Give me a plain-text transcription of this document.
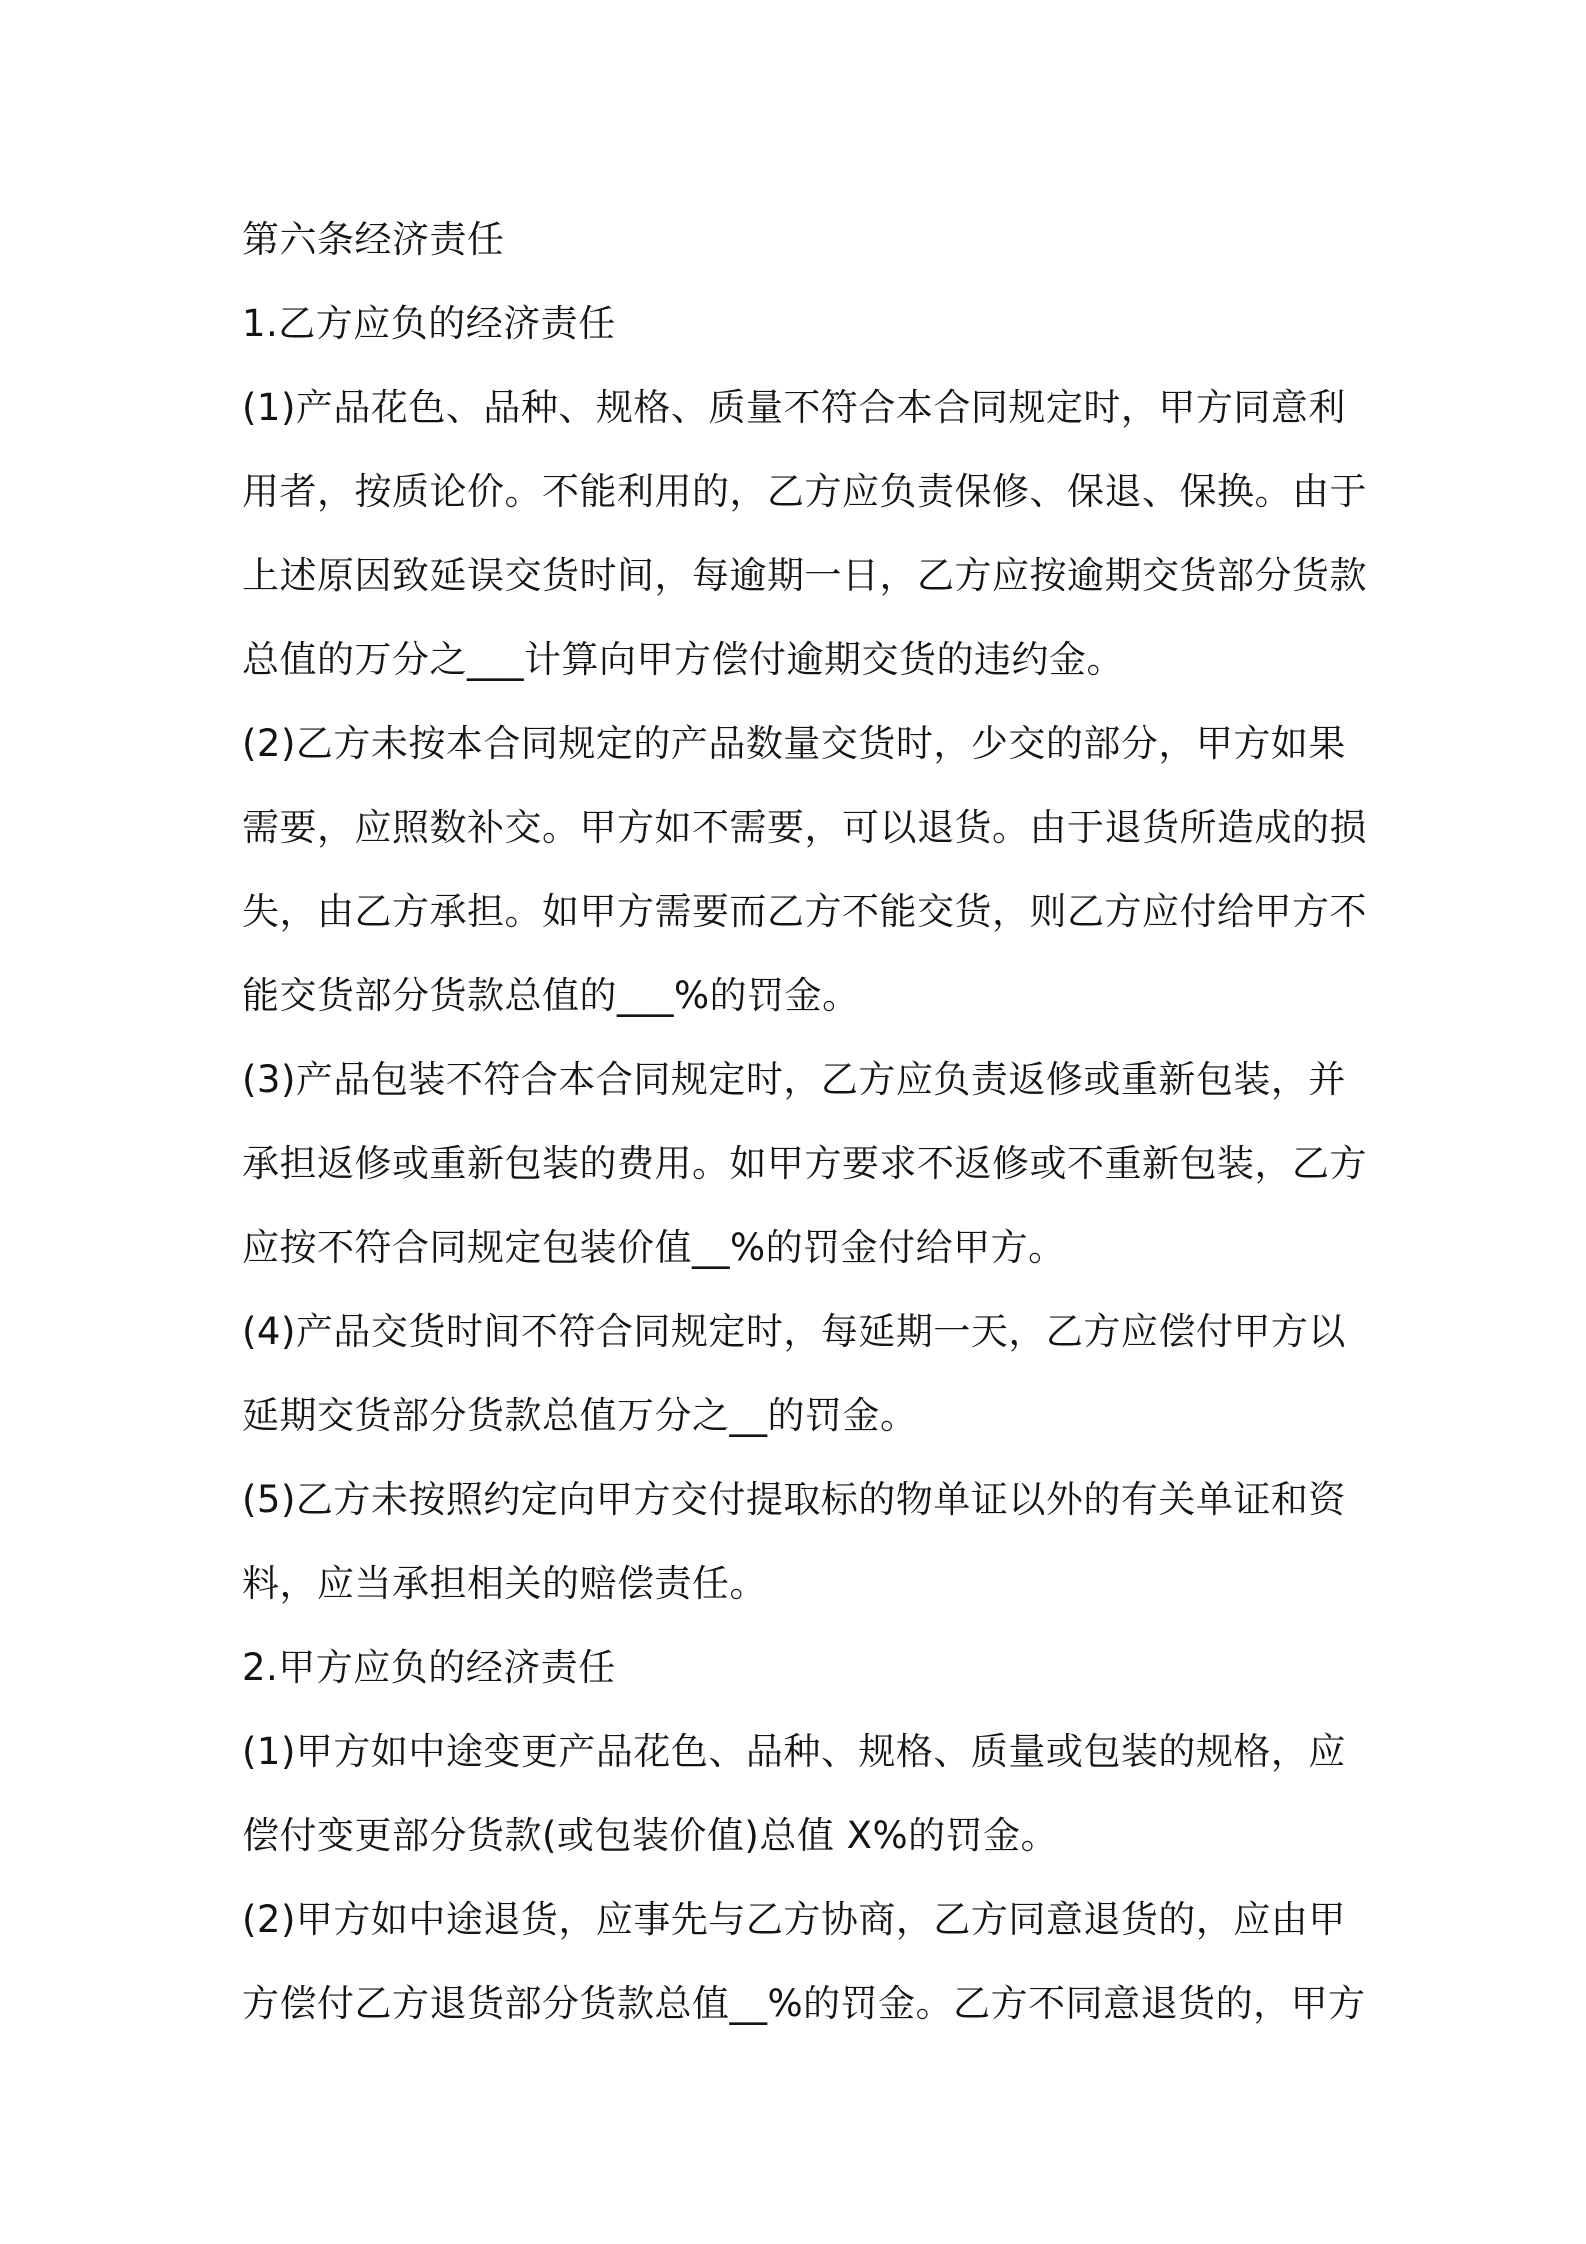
第六条经济责任

1.乙方应负的经济责任

(1)产品花色、品种、规格、质量不符合本合同规定时，甲方同意利

用者，按质论价。不能利用的，乙方应负责保修、保退、保换。由于

上述原因致延误交货时间，每逾期一日，乙方应按逾期交货部分货款

总值的万分之___计算向甲方偿付逾期交货的违约金。

(2)乙方未按本合同规定的产品数量交货时，少交的部分，甲方如果

需要，应照数补交。甲方如不需要，可以退货。由于退货所造成的损

失，由乙方承担。如甲方需要而乙方不能交货，则乙方应付给甲方不

能交货部分货款总值的___%的罚金。

(3)产品包装不符合本合同规定时，乙方应负责返修或重新包装，并

承担返修或重新包装的费用。如甲方要求不返修或不重新包装，乙方

应按不符合同规定包装价值__%的罚金付给甲方。

(4)产品交货时间不符合同规定时，每延期一天，乙方应偿付甲方以

延期交货部分货款总值万分之__的罚金。

(5)乙方未按照约定向甲方交付提取标的物单证以外的有关单证和资

料，应当承担相关的赔偿责任。

2.甲方应负的经济责任

(1)甲方如中途变更产品花色、品种、规格、质量或包装的规格，应

偿付变更部分货款(或包装价值)总值 X%的罚金。

(2)甲方如中途退货，应事先与乙方协商，乙方同意退货的，应由甲

方偿付乙方退货部分货款总值__%的罚金。乙方不同意退货的，甲方
